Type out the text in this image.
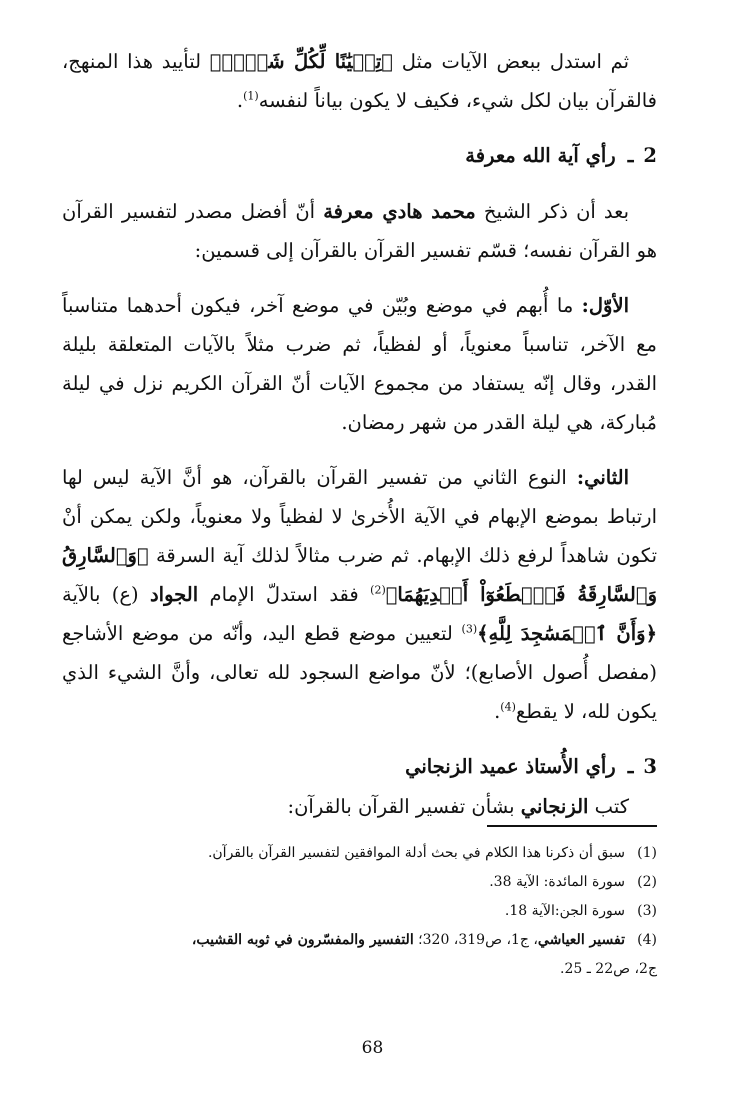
ثم استدل ببعض الآيات مثل ﴿تِبۡيَٰنًا لِّكُلِّ شَيۡءٖ﴾ لتأييد هذا المنهج، فالقرآن بيان لكل شيء، فكيف لا يكون بياناً لنفسه$^{(1)}$.

2ـرأي آية الله معرفة

بعد أن ذكر الشيخ محمد هادي معرفة أنّ أفضل مصدر لتفسير القرآن هو القرآن نفسه؛ قسّم تفسير القرآن بالقرآن إلى قسمين:

الأوّل: ما أُبهم في موضع وبُيّن في موضع آخر، فيكون أحدهما متناسباً مع الآخر، تناسباً معنوياً، أو لفظياً، ثم ضرب مثلاً بالآيات المتعلقة بليلة القدر، وقال إنّه يستفاد من مجموع الآيات أنّ القرآن الكريم نزل في ليلة مُباركة، هي ليلة القدر من شهر رمضان.

الثاني: النوع الثاني من تفسير القرآن بالقرآن، هو أنَّ الآية ليس لها ارتباط بموضع الإبهام في الآية الأُخرىٰ لا لفظياً ولا معنوياً، ولكن يمكن أنْ تكون شاهداً لرفع ذلك الإبهام. ثم ضرب مثالاً لذلك آية السرقة ﴿وَٱلسَّارِقُ وَٱلسَّارِقَةُ فَٱقۡطَعُوٓاْ أَيۡدِيَهُمَا﴾$^{(2)}$ فقد استدلّ الإمام الجواد (ع) بالآية ﴿وَأَنَّ ٱلۡمَسَٰجِدَ لِلَّهِ﴾$^{(3)}$ لتعيين موضع قطع اليد، وأنّه من موضع الأشاجع (مفصل أُصول الأصابع)؛ لأنّ مواضع السجود لله تعالى، وأنَّ الشيء الذي يكون لله، لا يقطع$^{(4)}$.

3ـرأي الأُستاذ عميد الزنجاني

كتب الزنجاني بشأن تفسير القرآن بالقرآن:

(1)
سبق أن ذكرنا هذا الكلام في بحث أدلة الموافقين لتفسير القرآن بالقرآن.

(2)
سورة المائدة: الآية 38.

(3)
سورة الجن:الآية 18.

(4)
تفسير العياشي، ج1، ص319، 320؛ التفسير والمفسّرون في ثوبه القشيب،

ج2، ص22 ـ 25.

68
